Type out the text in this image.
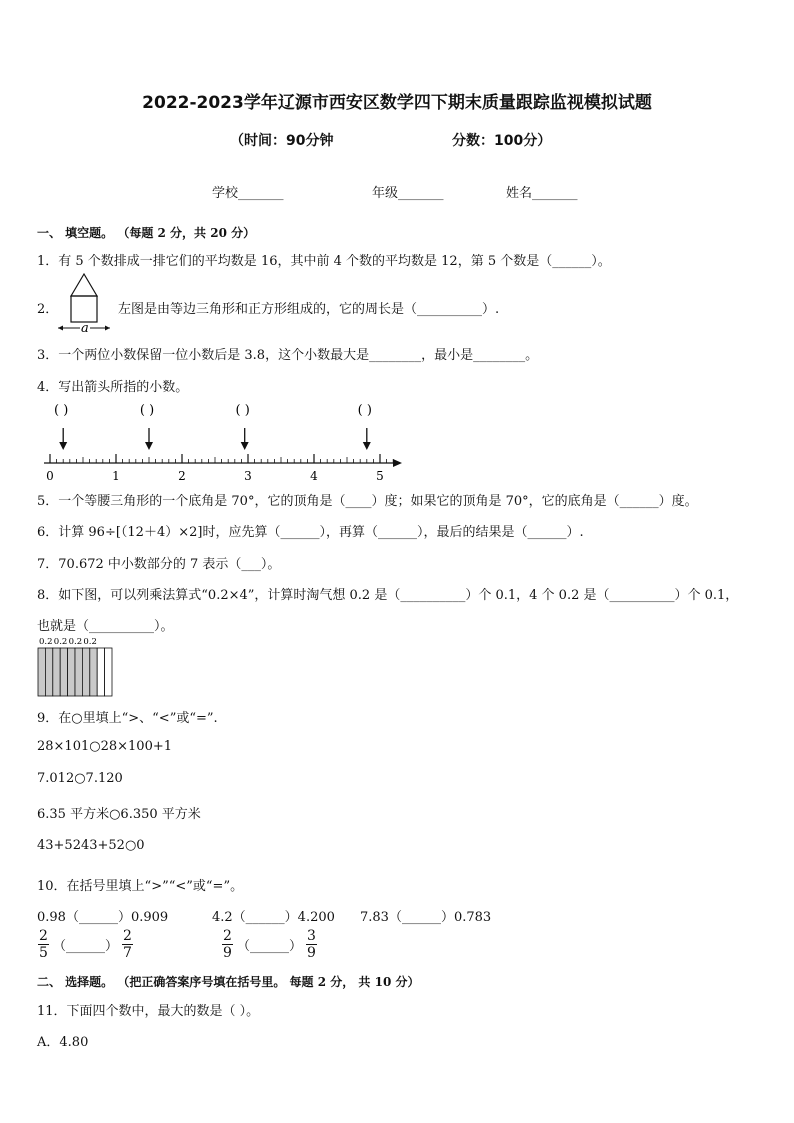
2022-2023学年辽源市西安区数学四下期末质量跟踪监视模拟试题
（时间：90分钟	分数：100分）
学校_______	年级_______	姓名_______
一、 填空题。 （每题 2 分，共 20 分）
1．有 5 个数排成一排它们的平均数是 16，其中前 4 个数的平均数是 12，第 5 个数是（______）。
2．
a
左图是由等边三角形和正方形组成的，它的周长是（__________）.
3．一个两位小数保留一位小数后是 3.8，这个小数最大是________，最小是________。
4．写出箭头所指的小数。
( )	( )	( )	( )
0	1	2	3	4	5
5．一个等腰三角形的一个底角是 70°，它的顶角是（____）度；如果它的顶角是 70°，它的底角是（______）度。
6．计算 96÷[（12＋4）×2]时，应先算（______），再算（______），最后的结果是（______）.
7．70.672 中小数部分的 7 表示（___）。
8．如下图，可以列乘法算式“0.2×4”，计算时淘气想 0.2 是（__________）个 0.1，4 个 0.2 是（__________）个 0.1，
也就是（__________）。
0.2 0.2 0.2 0.2
9．在○里填上“>、“<”或“=”.
28×101○28×100+1
7.012○7.120
6.35 平方米○6.350 平方米
43+5243+52○0
10．在括号里填上“>”“<”或“=”。
0.98（______）0.909	4.2（______）4.200 7.83（______）0.783
$\frac{2}{5}$ （______） $\frac{2}{7}$	$\frac{2}{9}$ （______） $\frac{3}{9}$
二、 选择题。 （把正确答案序号填在括号里。 每题 2 分， 共 10 分）
11．下面四个数中，最大的数是（ ）。
A．4.80
